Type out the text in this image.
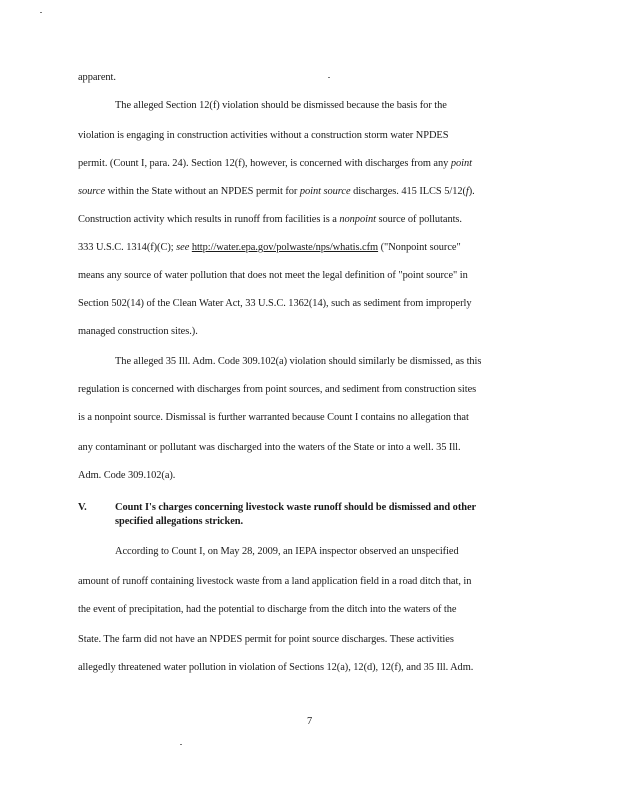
apparent.
The alleged Section 12(f) violation should be dismissed because the basis for the
violation is engaging in construction activities without a construction storm water NPDES
permit. (Count I, para. 24). Section 12(f), however, is concerned with discharges from any point
source within the State without an NPDES permit for point source discharges. 415 ILCS 5/12(f).
Construction activity which results in runoff from facilities is a nonpoint source of pollutants.
333 U.S.C. 1314(f)(C); see http://water.epa.gov/polwaste/nps/whatis.cfm ("Nonpoint source"
means any source of water pollution that does not meet the legal definition of "point source" in
Section 502(14) of the Clean Water Act, 33 U.S.C. 1362(14), such as sediment from improperly
managed construction sites.).
The alleged 35 Ill. Adm. Code 309.102(a) violation should similarly be dismissed, as this
regulation is concerned with discharges from point sources, and sediment from construction sites
is a nonpoint source. Dismissal is further warranted because Count I contains no allegation that
any contaminant or pollutant was discharged into the waters of the State or into a well. 35 Ill.
Adm. Code 309.102(a).
V.	Count I's charges concerning livestock waste runoff should be dismissed and other
specified allegations stricken.
According to Count I, on May 28, 2009, an IEPA inspector observed an unspecified
amount of runoff containing livestock waste from a land application field in a road ditch that, in
the event of precipitation, had the potential to discharge from the ditch into the waters of the
State. The farm did not have an NPDES permit for point source discharges. These activities
allegedly threatened water pollution in violation of Sections 12(a), 12(d), 12(f), and 35 Ill. Adm.
7
